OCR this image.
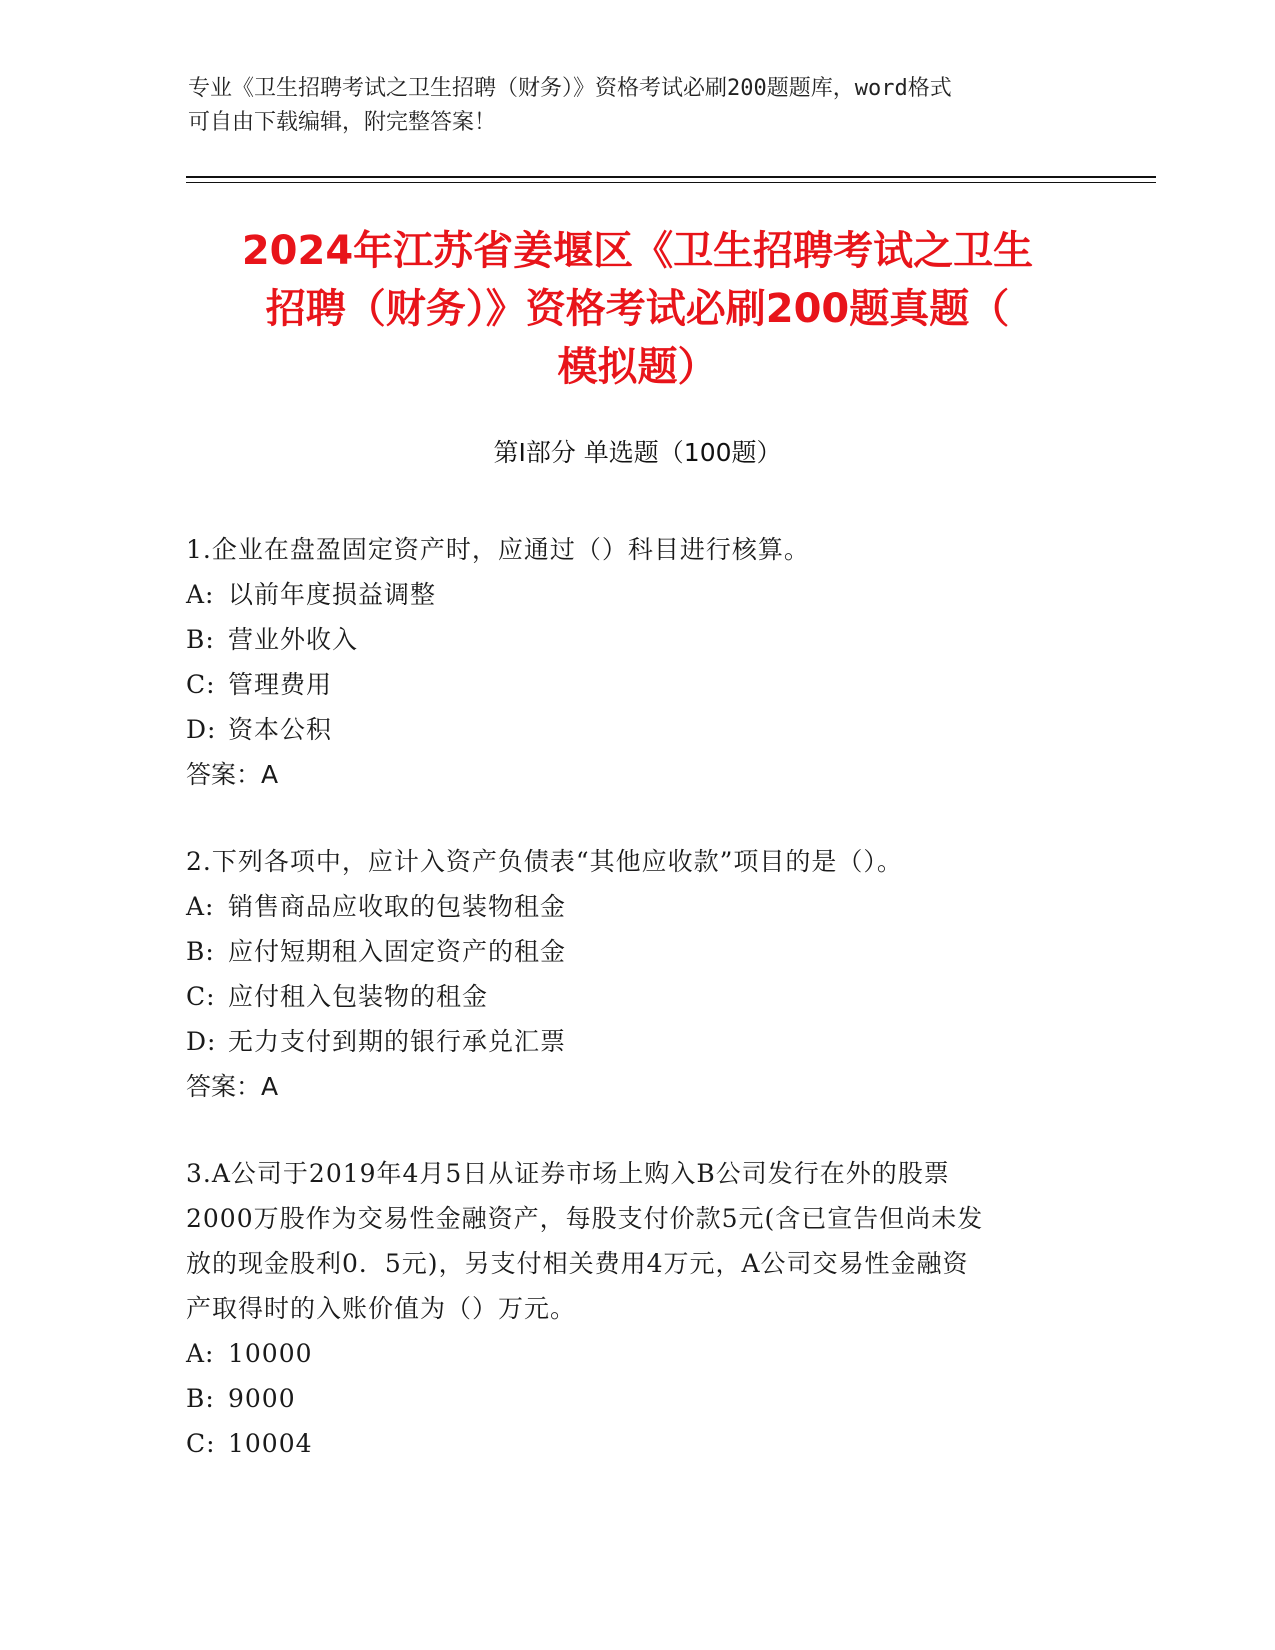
专业《卫生招聘考试之卫生招聘（财务）》资格考试必刷200题题库，word格式
可自由下载编辑，附完整答案！
2024年江苏省姜堰区《卫生招聘考试之卫生
招聘（财务）》资格考试必刷200题真题（
模拟题）
第Ⅰ部分 单选题（100题）
1.企业在盘盈固定资产时，应通过（）科目进行核算。
A: 以前年度损益调整
B: 营业外收入
C: 管理费用
D: 资本公积
答案：A
2.下列各项中，应计入资产负债表“其他应收款”项目的是（）。
A: 销售商品应收取的包装物租金
B: 应付短期租入固定资产的租金
C: 应付租入包装物的租金
D: 无力支付到期的银行承兑汇票
答案：A
3.A公司于2019年4月5日从证券市场上购入B公司发行在外的股票
2000万股作为交易性金融资产，每股支付价款5元(含已宣告但尚未发
放的现金股利0．5元)，另支付相关费用4万元，A公司交易性金融资
产取得时的入账价值为（）万元。
A: 10000
B: 9000
C: 10004
